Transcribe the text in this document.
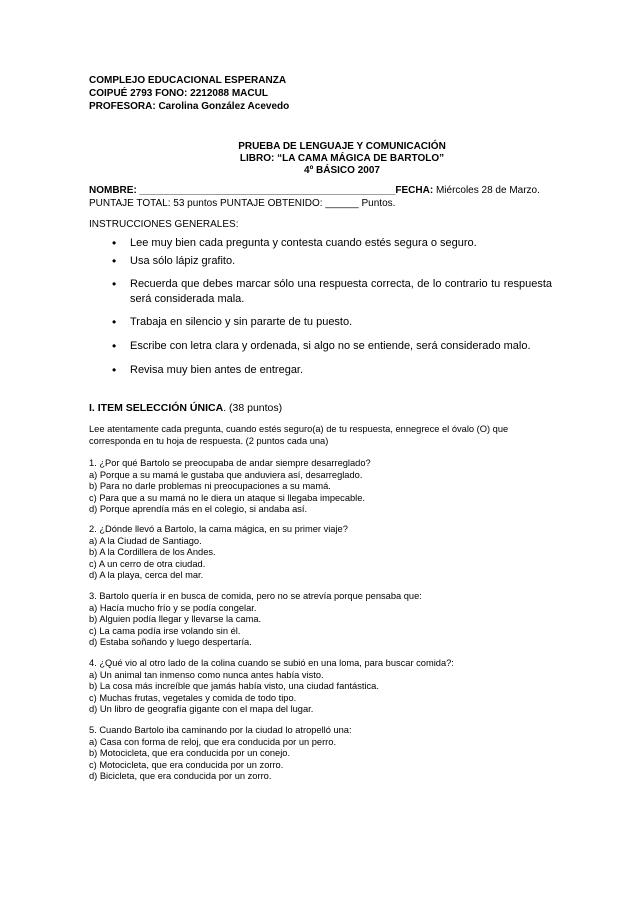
COMPLEJO EDUCACIONAL ESPERANZA
COIPUÉ 2793 FONO: 2212088 MACUL
PROFESORA: Carolina González Acevedo
PRUEBA DE LENGUAJE Y COMUNICACIÓN
LIBRO: “LA CAMA MÁGICA DE BARTOLO”
4º BÁSICO 2007
NOMBRE: ______________________________________________FECHA: Miércoles 28 de Marzo.
PUNTAJE TOTAL: 53 puntos PUNTAJE OBTENIDO: ______ Puntos.
INSTRUCCIONES GENERALES:
• Lee muy bien cada pregunta y contesta cuando estés segura o seguro.
• Usa sólo lápiz grafito.
• Recuerda que debes marcar sólo una respuesta correcta, de lo contrario tu respuesta será considerada mala.
• Trabaja en silencio y sin pararte de tu puesto.
• Escribe con letra clara y ordenada, si algo no se entiende, será considerado malo.
• Revisa muy bien antes de entregar.
I. ITEM SELECCIÓN ÚNICA. (38 puntos)
Lee atentamente cada pregunta, cuando estés seguro(a) de tu respuesta, ennegrece el óvalo (O) que
corresponda en tu hoja de respuesta. (2 puntos cada una)
1. ¿Por qué Bartolo se preocupaba de andar siempre desarreglado?
a) Porque a su mamá le gustaba que anduviera así, desarreglado.
b) Para no darle problemas ni preocupaciones a su mamá.
c) Para que a su mamá no le diera un ataque si llegaba impecable.
d) Porque aprendía más en el colegio, si andaba así.
2. ¿Dónde llevó a Bartolo, la cama mágica, en su primer viaje?
a) A la Ciudad de Santiago.
b) A la Cordillera de los Andes.
c) A un cerro de otra ciudad.
d) A la playa, cerca del mar.
3. Bartolo quería ir en busca de comida, pero no se atrevía porque pensaba que:
a) Hacía mucho frío y se podía congelar.
b) Alguien podía llegar y llevarse la cama.
c) La cama podía irse volando sin él.
d) Estaba soñando y luego despertaría.
4. ¿Qué vio al otro lado de la colina cuando se subió en una loma, para buscar comida?:
a) Un animal tan inmenso como nunca antes había visto.
b) La cosa más increíble que jamás había visto, una ciudad fantástica.
c) Muchas frutas, vegetales y comida de todo tipo.
d) Un libro de geografía gigante con el mapa del lugar.
5. Cuando Bartolo iba caminando por la ciudad lo atropelló una:
a) Casa con forma de reloj, que era conducida por un perro.
b) Motocicleta, que era conducida por un conejo.
c) Motocicleta, que era conducida por un zorro.
d) Bicicleta, que era conducida por un zorro.
